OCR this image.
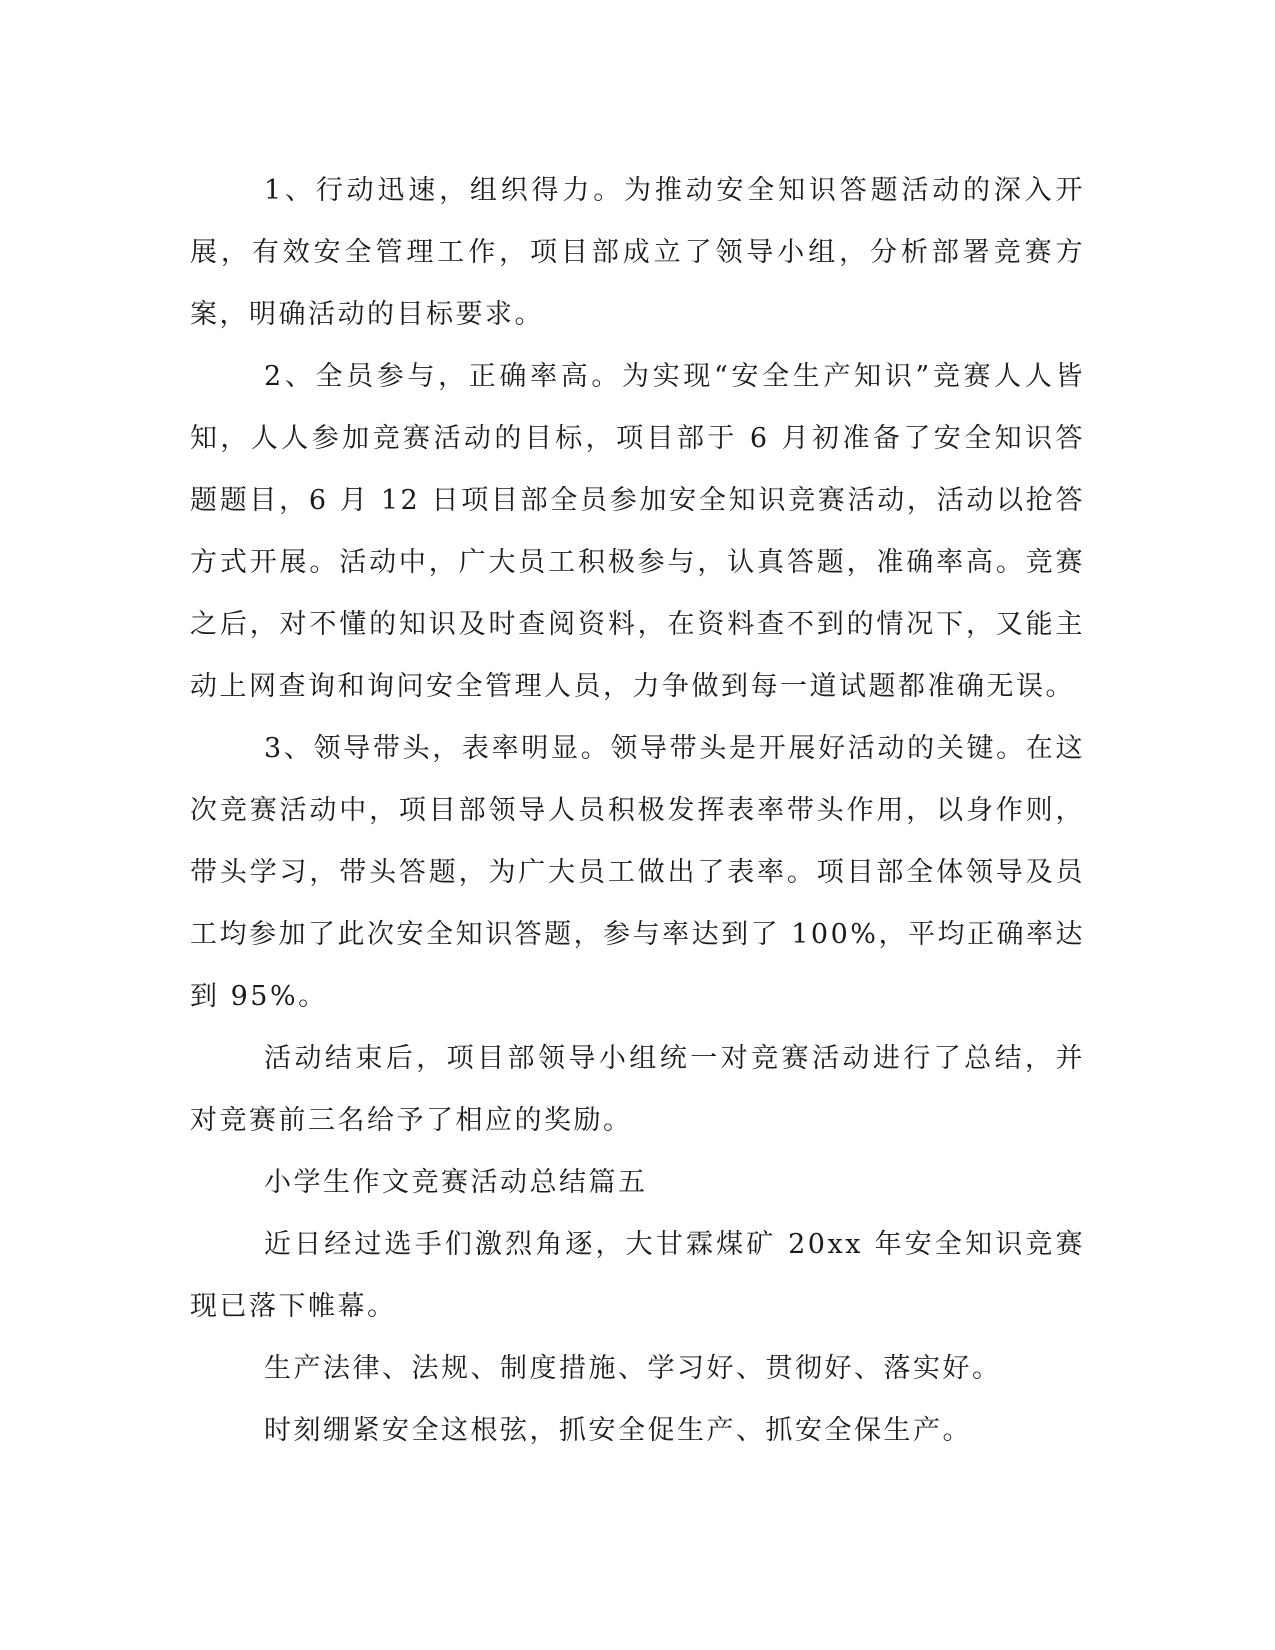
1、行动迅速，组织得力。为推动安全知识答题活动的深入开展，有效安全管理工作，项目部成立了领导小组，分析部署竞赛方案，明确活动的目标要求。

2、全员参与，正确率高。为实现“安全生产知识”竞赛人人皆知，人人参加竞赛活动的目标，项目部于 6 月初准备了安全知识答题题目，6 月 12 日项目部全员参加安全知识竞赛活动，活动以抢答方式开展。活动中，广大员工积极参与，认真答题，准确率高。竞赛之后，对不懂的知识及时查阅资料，在资料查不到的情况下，又能主动上网查询和询问安全管理人员，力争做到每一道试题都准确无误。

3、领导带头，表率明显。领导带头是开展好活动的关键。在这次竞赛活动中，项目部领导人员积极发挥表率带头作用，以身作则，带头学习，带头答题，为广大员工做出了表率。项目部全体领导及员工均参加了此次安全知识答题，参与率达到了 100%，平均正确率达到 95%。

活动结束后，项目部领导小组统一对竞赛活动进行了总结，并对竞赛前三名给予了相应的奖励。

小学生作文竞赛活动总结篇五

近日经过选手们激烈角逐，大甘霖煤矿 20xx 年安全知识竞赛现已落下帷幕。

生产法律、法规、制度措施、学习好、贯彻好、落实好。

时刻绷紧安全这根弦，抓安全促生产、抓安全保生产。
